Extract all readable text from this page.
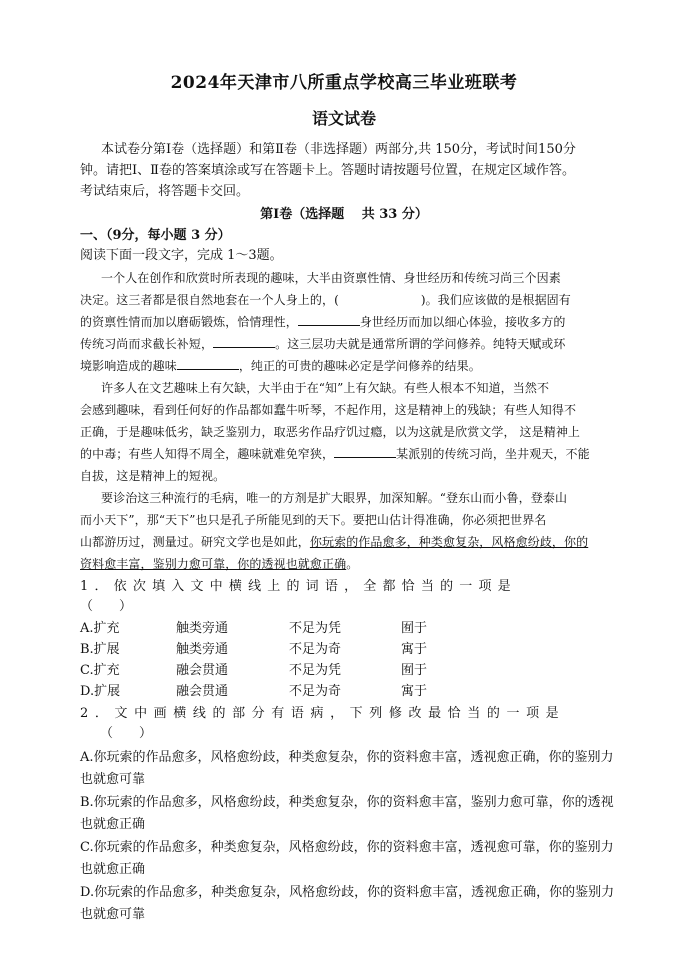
2024年天津市八所重点学校高三毕业班联考
语文试卷
本试卷分第Ⅰ卷（选择题）和第Ⅱ卷（非选择题）两部分,共 150分，考试时间150分
钟。请把Ⅰ、Ⅱ卷的答案填涂或写在答题卡上。答题时请按题号位置，在规定区域作答。
考试结束后，将答题卡交回。
第Ⅰ卷（选择题　 共 33 分）
一、（9分，每小题 3 分）
阅读下面一段文字，完成 1～3题。
一个人在创作和欣赏时所表现的趣味，大半由资禀性情、身世经历和传统习尚三个因素
决定。这三者都是很自然地套在一个人身上的，(	)。我们应该做的是根据固有
的资禀性情而加以磨砺锻炼，恰情理性，	身世经历而加以细心体验，接收多方的
传统习尚而求截长补短，	。这三层功夫就是通常所谓的学问修养。纯特天赋或环
境影响造成的趣味	，纯正的可贵的趣味必定是学问修养的结果。
许多人在文艺趣味上有欠缺，大半由于在“知”上有欠缺。有些人根本不知道，当然不
会感到趣味，看到任何好的作品都如蠢牛听琴，不起作用，这是精神上的残缺；有些人知得不
正确，于是趣味低劣，缺乏鉴别力，取恶劣作品疗饥过瘾，以为这就是欣赏文学， 这是精神上
的中毒；有些人知得不周全，趣味就难免窄狭，	某派别的传统习尚，坐井观天，不能
自拔，这是精神上的短视。
要诊治这三种流行的毛病，唯一的方剂是扩大眼界，加深知解。“登东山而小鲁，登泰山
而小天下”，那“天下”也只是孔子所能见到的天下。要把山估计得准确，你必须把世界名
山都游历过，测量过。研究文学也是如此，你玩索的作品愈多，种类愈复杂，风格愈纷歧，你的
资料愈丰富，鉴别力愈可靠，你的透视也就愈正确。
1．依次填入文中横线上的词语，全都恰当的一项是
（　　）
A.扩充	触类旁通	不足为凭	囿于
B.扩展	触类旁通	不足为奇	寓于
C.扩充	融会贯通	不足为凭	囿于
D.扩展	融会贯通	不足为奇	寓于
2．文中画横线的部分有语病，下列修改最恰当的一项是
（　　）
A.你玩索的作品愈多，风格愈纷歧，种类愈复杂，你的资料愈丰富，透视愈正确，你的鉴别力
也就愈可靠
B.你玩索的作品愈多，风格愈纷歧，种类愈复杂，你的资料愈丰富，鉴别力愈可靠，你的透视
也就愈正确
C.你玩索的作品愈多，种类愈复杂，风格愈纷歧，你的资料愈丰富，透视愈可靠，你的鉴别力
也就愈正确
D.你玩索的作品愈多，种类愈复杂，风格愈纷歧，你的资料愈丰富，透视愈正确，你的鉴别力
也就愈可靠
